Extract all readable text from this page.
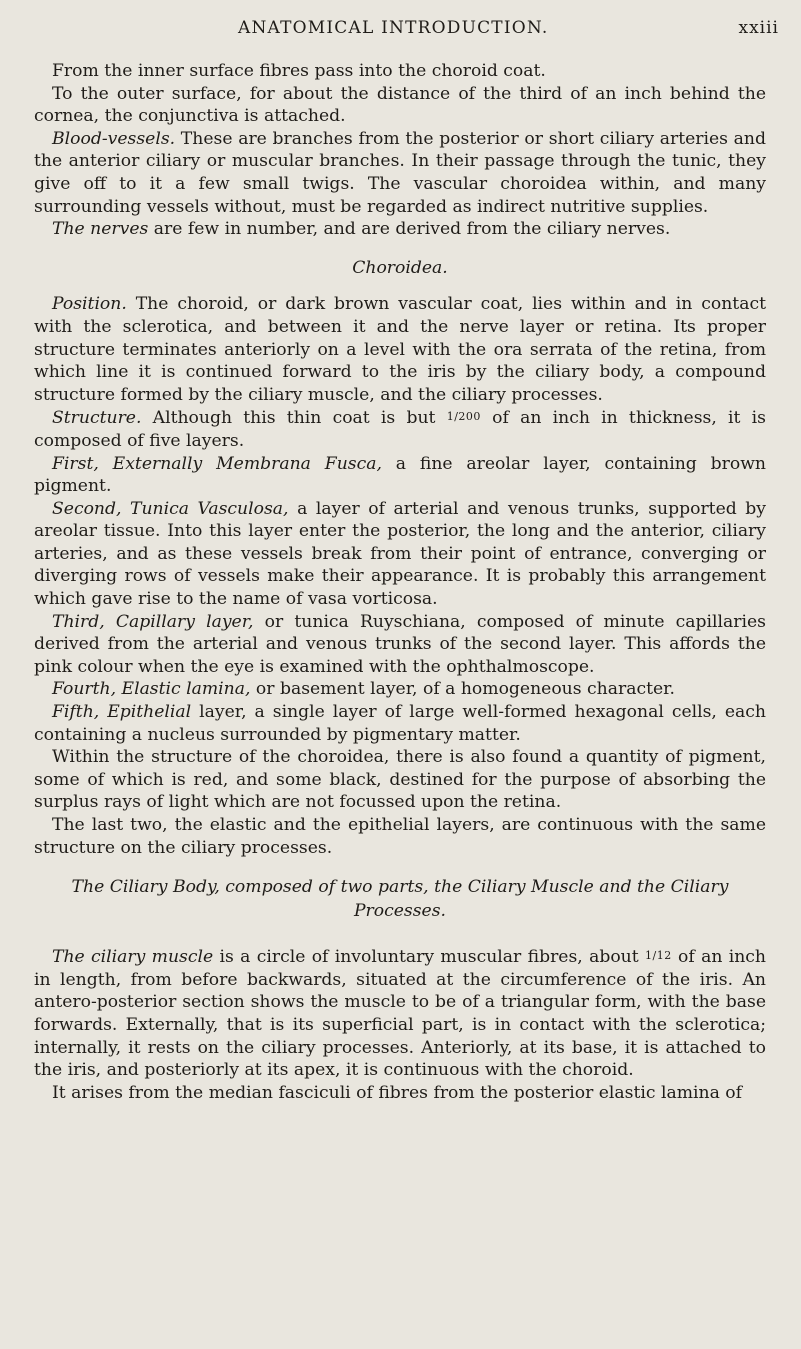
ANATOMICAL INTRODUCTION.	xxiii

From the inner surface fibres pass into the choroid coat.

To the outer surface, for about the distance of the third of an inch behind the cornea, the conjunctiva is attached.

Blood-vessels. These are branches from the posterior or short ciliary arteries and the anterior ciliary or muscular branches. In their passage through the tunic, they give off to it a few small twigs. The vascular choroidea within, and many surrounding vessels without, must be regarded as indirect nutritive supplies.

The nerves are few in number, and are derived from the ciliary nerves.

Choroidea.

Position. The choroid, or dark brown vascular coat, lies within and in contact with the sclerotica, and between it and the nerve layer or retina. Its proper structure terminates anteriorly on a level with the ora serrata of the retina, from which line it is continued forward to the iris by the ciliary body, a compound structure formed by the ciliary muscle, and the ciliary processes.

Structure. Although this thin coat is but 1/200 of an inch in thickness, it is composed of five layers.

First, Externally Membrana Fusca, a fine areolar layer, containing brown pigment.

Second, Tunica Vasculosa, a layer of arterial and venous trunks, supported by areolar tissue. Into this layer enter the posterior, the long and the anterior, ciliary arteries, and as these vessels break from their point of entrance, converging or diverging rows of vessels make their appearance. It is probably this arrangement which gave rise to the name of vasa vorticosa.

Third, Capillary layer, or tunica Ruyschiana, composed of minute capillaries derived from the arterial and venous trunks of the second layer. This affords the pink colour when the eye is examined with the ophthalmoscope.

Fourth, Elastic lamina, or basement layer, of a homogeneous character.

Fifth, Epithelial layer, a single layer of large well-formed hexagonal cells, each containing a nucleus surrounded by pigmentary matter.

Within the structure of the choroidea, there is also found a quantity of pigment, some of which is red, and some black, destined for the purpose of absorbing the surplus rays of light which are not focussed upon the retina.

The last two, the elastic and the epithelial layers, are continuous with the same structure on the ciliary processes.

The Ciliary Body, composed of two parts, the Ciliary Muscle and the Ciliary Processes.

The ciliary muscle is a circle of involuntary muscular fibres, about 1/12 of an inch in length, from before backwards, situated at the circumference of the iris. An antero-posterior section shows the muscle to be of a triangular form, with the base forwards. Externally, that is its superficial part, is in contact with the sclerotica; internally, it rests on the ciliary processes. Anteriorly, at its base, it is attached to the iris, and posteriorly at its apex, it is continuous with the choroid.

It arises from the median fasciculi of fibres from the posterior elastic lamina of
